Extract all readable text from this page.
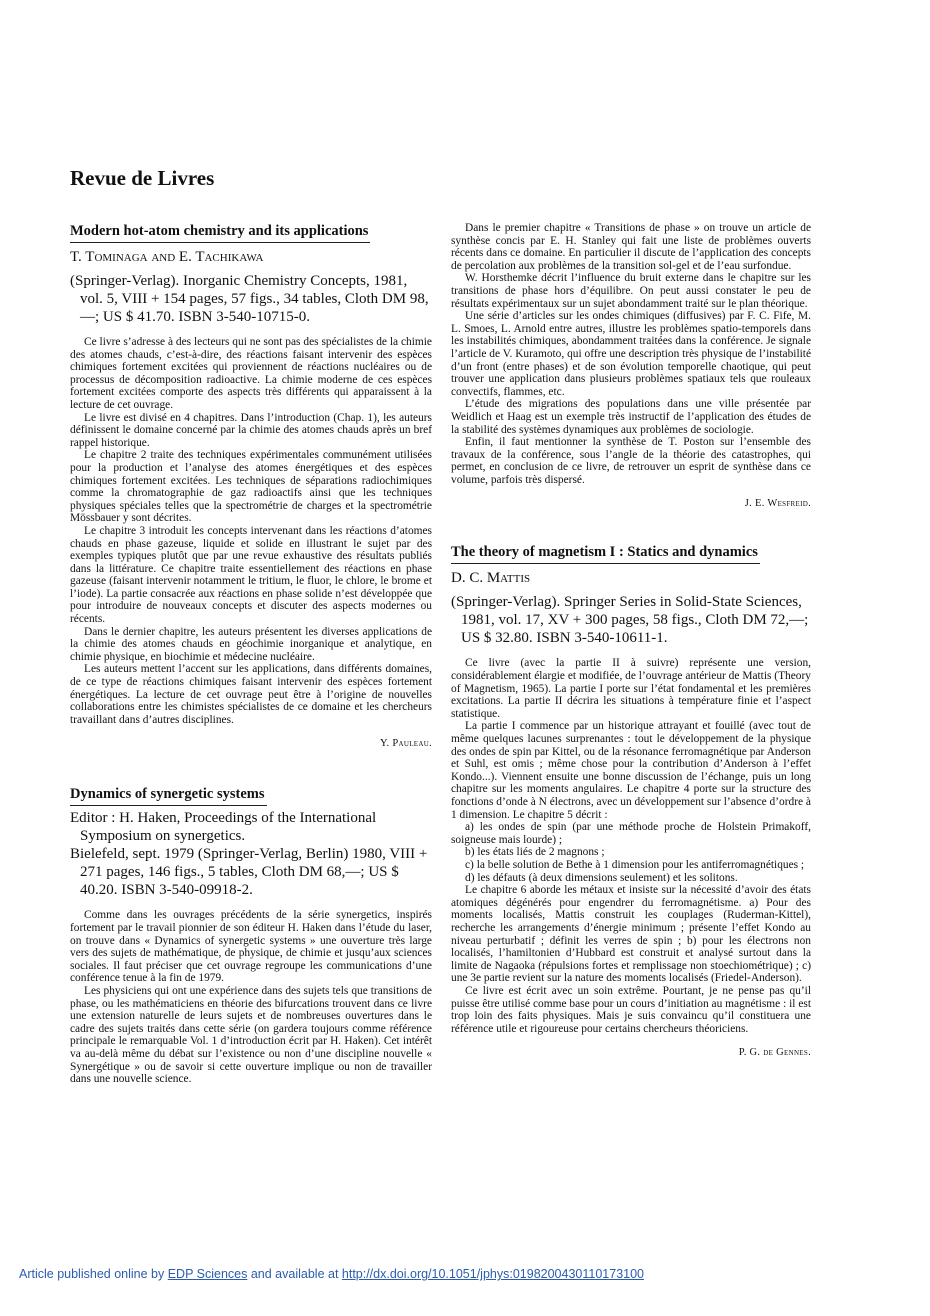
Revue de Livres
Modern hot-atom chemistry and its applications

T. Tominaga and E. Tachikawa

(Springer-Verlag). Inorganic Chemistry Concepts, 1981, vol. 5, VIII + 154 pages, 57 figs., 34 tables, Cloth DM 98,—; US $ 41.70. ISBN 3-540-10715-0.

Ce livre s’adresse à des lecteurs qui ne sont pas des spécialistes de la chimie des atomes chauds, c’est-à-dire, des réactions faisant intervenir des espèces chimiques fortement excitées qui proviennent de réactions nucléaires ou de processus de décomposition radioactive. La chimie moderne de ces espèces fortement excitées comporte des aspects très différents qui apparaissent à la lecture de cet ouvrage.

Le livre est divisé en 4 chapitres. Dans l’introduction (Chap. 1), les auteurs définissent le domaine concerné par la chimie des atomes chauds après un bref rappel historique.

Le chapitre 2 traite des techniques expérimentales communément utilisées pour la production et l’analyse des atomes énergétiques et des espèces chimiques fortement excitées. Les techniques de séparations radiochimiques comme la chromatographie de gaz radioactifs ainsi que les techniques physiques spéciales telles que la spectrométrie de charges et la spectrométrie Mössbauer y sont décrites.

Le chapitre 3 introduit les concepts intervenant dans les réactions d’atomes chauds en phase gazeuse, liquide et solide en illustrant le sujet par des exemples typiques plutôt que par une revue exhaustive des résultats publiés dans la littérature. Ce chapitre traite essentiellement des réactions en phase gazeuse (faisant intervenir notamment le tritium, le fluor, le chlore, le brome et l’iode). La partie consacrée aux réactions en phase solide n’est développée que pour introduire de nouveaux concepts et discuter des aspects modernes ou récents.

Dans le dernier chapitre, les auteurs présentent les diverses applications de la chimie des atomes chauds en géochimie inorganique et analytique, en chimie physique, en biochimie et médecine nucléaire.

Les auteurs mettent l’accent sur les applications, dans différents domaines, de ce type de réactions chimiques faisant intervenir des espèces fortement énergétiques. La lecture de cet ouvrage peut être à l’origine de nouvelles collaborations entre les chimistes spécialistes de ce domaine et les chercheurs travaillant dans d’autres disciplines.

Y. Pauleau.

Dynamics of synergetic systems

Editor : H. Haken, Proceedings of the International Symposium on synergetics.

Bielefeld, sept. 1979 (Springer-Verlag, Berlin) 1980, VIII + 271 pages, 146 figs., 5 tables, Cloth DM 68,—; US $ 40.20. ISBN 3-540-09918-2.

Comme dans les ouvrages précédents de la série synergetics, inspirés fortement par le travail pionnier de son éditeur H. Haken dans l’étude du laser, on trouve dans « Dynamics of synergetic systems » une ouverture très large vers des sujets de mathématique, de physique, de chimie et jusqu’aux sciences sociales. Il faut préciser que cet ouvrage regroupe les communications d’une conférence tenue à la fin de 1979.

Les physiciens qui ont une expérience dans des sujets tels que transitions de phase, ou les mathématiciens en théorie des bifurcations trouvent dans ce livre une extension naturelle de leurs sujets et de nombreuses ouvertures dans le cadre des sujets traités dans cette série (on gardera toujours comme référence principale le remarquable Vol. 1 d’introduction écrit par H. Haken). Cet intérêt va au-delà même du débat sur l’existence ou non d’une discipline nouvelle « Synergétique » ou de savoir si cette ouverture implique ou non de travailler dans une nouvelle science.

Dans le premier chapitre « Transitions de phase » on trouve un article de synthèse concis par E. H. Stanley qui fait une liste de problèmes ouverts récents dans ce domaine. En particulier il discute de l’application des concepts de percolation aux problèmes de la transition sol-gel et de l’eau surfondue.

W. Horsthemke décrit l’influence du bruit externe dans le chapitre sur les transitions de phase hors d’équilibre. On peut aussi constater le peu de résultats expérimentaux sur un sujet abondamment traité sur le plan théorique.

Une série d’articles sur les ondes chimiques (diffusives) par F. C. Fife, M. L. Smoes, L. Arnold entre autres, illustre les problèmes spatio-temporels dans les instabilités chimiques, abondamment traitées dans la conférence. Je signale l’article de V. Kuramoto, qui offre une description très physique de l’instabilité d’un front (entre phases) et de son évolution temporelle chaotique, qui peut trouver une application dans plusieurs problèmes spatiaux tels que rouleaux convectifs, flammes, etc.

L’étude des migrations des populations dans une ville présentée par Weidlich et Haag est un exemple très instructif de l’application des études de la stabilité des systèmes dynamiques aux problèmes de sociologie.

Enfin, il faut mentionner la synthèse de T. Poston sur l’ensemble des travaux de la conférence, sous l’angle de la théorie des catastrophes, qui permet, en conclusion de ce livre, de retrouver un esprit de synthèse dans ce volume, parfois très dispersé.

J. E. Wesfreid.

The theory of magnetism I : Statics and dynamics

D. C. Mattis

(Springer-Verlag). Springer Series in Solid-State Sciences, 1981, vol. 17, XV + 300 pages, 58 figs., Cloth DM 72,—; US $ 32.80. ISBN 3-540-10611-1.

Ce livre (avec la partie II à suivre) représente une version, considérablement élargie et modifiée, de l’ouvrage antérieur de Mattis (Theory of Magnetism, 1965). La partie I porte sur l’état fondamental et les premières excitations. La partie II décrira les situations à température finie et l’aspect statistique.

La partie I commence par un historique attrayant et fouillé (avec tout de même quelques lacunes surprenantes : tout le développement de la physique des ondes de spin par Kittel, ou de la résonance ferromagnétique par Anderson et Suhl, est omis ; même chose pour la contribution d’Anderson à l’effet Kondo...). Viennent ensuite une bonne discussion de l’échange, puis un long chapitre sur les moments angulaires. Le chapitre 4 porte sur la structure des fonctions d’onde à N électrons, avec un développement sur l’absence d’ordre à 1 dimension. Le chapitre 5 décrit :

a) les ondes de spin (par une méthode proche de Holstein Primakoff, soigneuse mais lourde) ;

b) les états liés de 2 magnons ;

c) la belle solution de Bethe à 1 dimension pour les antiferromagnétiques ;

d) les défauts (à deux dimensions seulement) et les solitons.

Le chapitre 6 aborde les métaux et insiste sur la nécessité d’avoir des états atomiques dégénérés pour engendrer du ferromagnétisme. a) Pour des moments localisés, Mattis construit les couplages (Ruderman-Kittel), recherche les arrangements d’énergie minimum ; présente l’effet Kondo au niveau perturbatif ; définit les verres de spin ; b) pour les électrons non localisés, l’hamiltonien d’Hubbard est construit et analysé surtout dans la limite de Nagaoka (répulsions fortes et remplissage non stoechiométrique) ; c) une 3e partie revient sur la nature des moments localisés (Friedel-Anderson).

Ce livre est écrit avec un soin extrême. Pourtant, je ne pense pas qu’il puisse être utilisé comme base pour un cours d’initiation au magnétisme : il est trop loin des faits physiques. Mais je suis convaincu qu’il constituera une référence utile et rigoureuse pour certains chercheurs théoriciens.

P. G. de Gennes.

Article published online by EDP Sciences and available at http://dx.doi.org/10.1051/jphys:0198200430110173100
